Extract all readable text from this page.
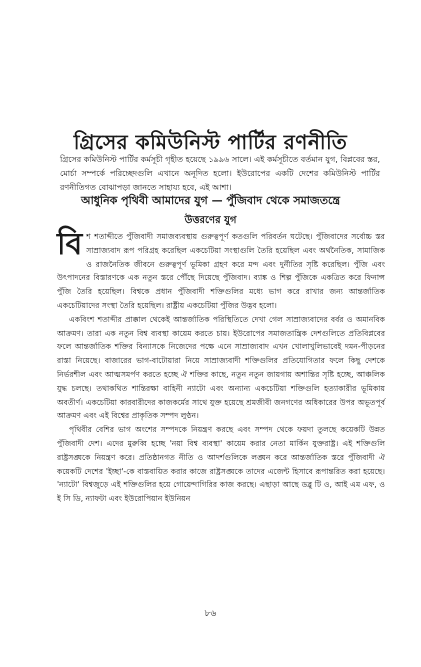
গ্রিসের কমিউনিস্ট পার্টির রণনীতি
গ্রিসের কমিউনিস্ট পার্টির কর্মসূচী গৃহীত হয়েছে ১৯৯৬ সালে। এই কর্মসূচীতে বর্তমান যুগ, বিপ্লবের স্তর, মোর্চা সম্পর্কে পরিচ্ছেদগুলি এখানে অনূদিত হলো। ইউরোপের একটি দেশের কমিউনিস্ট পার্টির রণনীতিগত বোঝাপড়া জানতে সাহায্য হবে, এই আশা।
আধুনিক পৃথিবী আমাদের যুগ — পুঁজিবাদ থেকে সমাজতন্ত্রে
উত্তরণের যুগ

বিশ শতাব্দীতে পুঁজিবাদী সমাজব্যবস্থায় গুরুত্বপূর্ণ কতগুলি পরিবর্তন ঘটেছে। পুঁজিবাদের সর্বোচ্চ স্তর সাম্রাজ্যবাদ রূপ পরিগ্রহ করেছিল একচেটিয়া সংস্থাগুলি তৈরি হয়েছিল এবং অর্থনৈতিক, সামাজিক ও রাজনৈতিক জীবনে গুরুত্বপূর্ণ ভূমিকা গ্রহণ করে মন্দ এবং দুর্নীতির সৃষ্টি করেছিল। পুঁজি এবং উৎপাদনের বিস্তারণকে এক নতুন স্তরে পৌঁছে দিয়েছে পুঁজিবাদ। ব্যাঙ্ক ও শিল্প পুঁজিকে একত্রিত করে ফিনান্স পুঁজি তৈরি হয়েছিল। বিশ্বকে প্রধান পুঁজিবাদী শক্তিগুলির মধ্যে ভাগ করে রাখার জন্য আন্তর্জাতিক একচেটিয়াদের সংস্থা তৈরি হয়েছিল। রাষ্ট্রীয় একচেটিয়া পুঁজির উদ্ভব হলো।

একবিংশ শতাব্দীর প্রাক্কাল থেকেই আন্তর্জাতিক পরিস্থিতিতে দেখা গেল সাম্রাজ্যবাদের বর্বর ও অমানবিক আক্রমণ। তারা এক নতুন বিশ্ব ব্যবস্থা কায়েম করতে চায়। ইউরোপের সমাজতান্ত্রিক দেশগুলিতে প্রতিবিপ্লবের ফলে আন্তর্জাতিক শক্তির বিন্যাসকে নিজেদের পক্ষে এনে সাম্রাজ্যবাদ এখন খোলাখুলিভাবেই দমন-পীড়নের রাস্তা নিয়েছে। বাজারের ভাগ-বাটোয়ারা নিয়ে সাম্রাজ্যবাদী শক্তিগুলির প্রতিযোগিতার ফলে কিছু দেশকে নির্ভরশীল এবং আত্মসমর্পণ করতে হচ্ছে ঐ শক্তির কাছে, নতুন নতুন জায়গায় অশান্তির সৃষ্টি হচ্ছে, আঞ্চলিক যুদ্ধ চলছে। তথাকথিত শান্তিরক্ষা বাহিনী ন্যাটো এবং অন্যান্য একচেটিয়া শক্তিগুলি হত্যাকারীর ভূমিকায় অবতীর্ণ। একচেটিয়া কারবারীদের কাজকর্মের সাথে যুক্ত হয়েছে শ্রমজীবী জনগণের অধিকারের উপর অভূতপূর্ব আক্রমণ এবং এই বিশ্বের প্রাকৃতিক সম্পদ লুণ্ঠন।

পৃথিবীর বেশির ভাগ অংশের সম্পদকে নিয়ন্ত্রণ করছে এবং সম্পদ থেকে ফয়দা তুলছে কয়েকটি উন্নত পুঁজিবাদী দেশ। এদের মুরুব্বি হচ্ছে 'নয়া বিশ্ব ব্যবস্থা' কায়েম করার নেতা মার্কিন যুক্তরাষ্ট্র। এই শক্তিগুলি রাষ্ট্রসঙ্ঘকে নিয়ন্ত্রণ করে। প্রতিষ্ঠানগত নীতি ও আদর্শগুলিকে লঙ্ঘন করে আন্তর্জাতিক স্তরে পুঁজিবাদী ঐ কয়েকটি দেশের 'ইচ্ছা'-কে বাস্তবায়িত করার কাজে রাষ্ট্রসঙ্ঘকে তাদের এজেন্ট হিসাবে রূপান্তরিত করা হয়েছে। 'ন্যাটো' বিশ্বজুড়ে এই শক্তিগুলির হয়ে গোয়েন্দাগিরির কাজ করছে। এছাড়া আছে ডব্লু টি ও, আই এম এফ, ও ই সি ডি, ন্যাফটা এবং ইউরোপিয়ান ইউনিয়ন

৮৬
